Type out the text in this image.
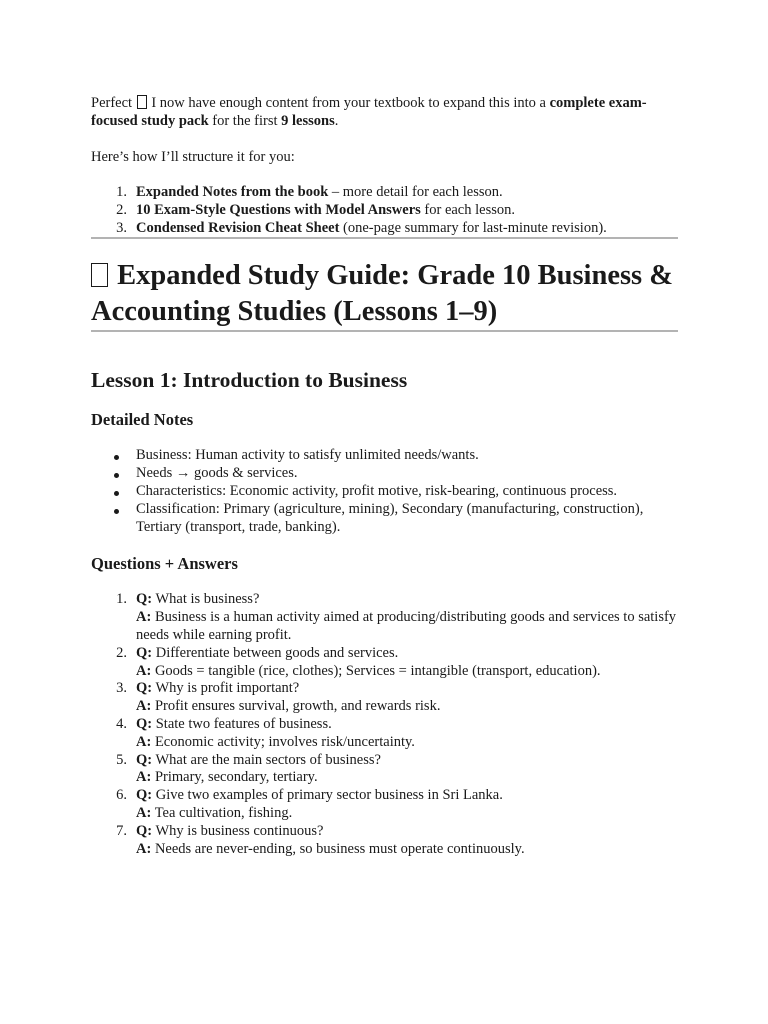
Perfect I now have enough content from your textbook to expand this into a complete exam-focused study pack for the first 9 lessons.

Here’s how I’ll structure it for you:

1. Expanded Notes from the book – more detail for each lesson.
2. 10 Exam-Style Questions with Model Answers for each lesson.
3. Condensed Revision Cheat Sheet (one-page summary for last-minute revision).
Expanded Study Guide: Grade 10 Business & Accounting Studies (Lessons 1–9)
Lesson 1: Introduction to Business
Detailed Notes
Business: Human activity to satisfy unlimited needs/wants.
Needs → goods & services.
Characteristics: Economic activity, profit motive, risk-bearing, continuous process.
Classification: Primary (agriculture, mining), Secondary (manufacturing, construction), Tertiary (transport, trade, banking).
Questions + Answers
1. Q: What is business?
A: Business is a human activity aimed at producing/distributing goods and services to satisfy needs while earning profit.
2. Q: Differentiate between goods and services.
A: Goods = tangible (rice, clothes); Services = intangible (transport, education).
3. Q: Why is profit important?
A: Profit ensures survival, growth, and rewards risk.
4. Q: State two features of business.
A: Economic activity; involves risk/uncertainty.
5. Q: What are the main sectors of business?
A: Primary, secondary, tertiary.
6. Q: Give two examples of primary sector business in Sri Lanka.
A: Tea cultivation, fishing.
7. Q: Why is business continuous?
A: Needs are never-ending, so business must operate continuously.
